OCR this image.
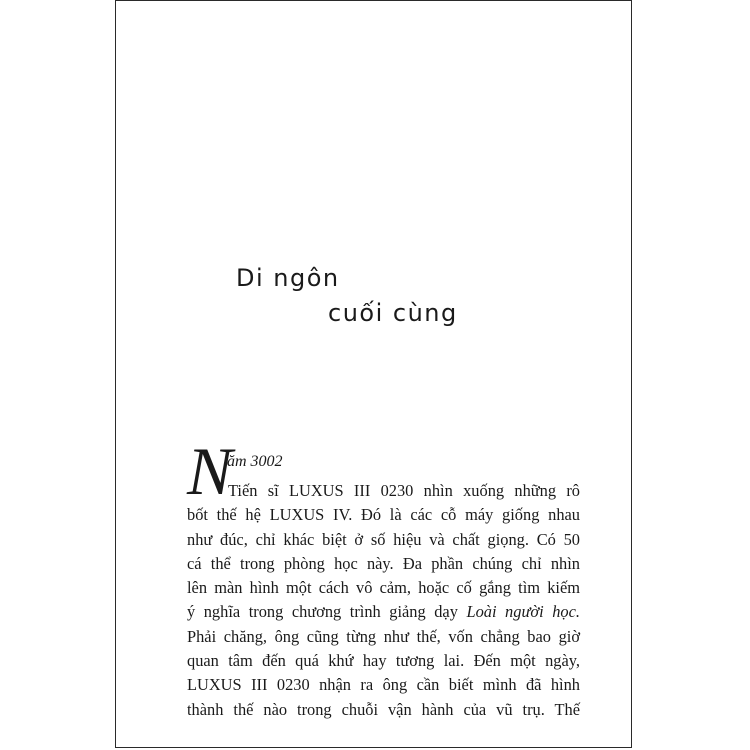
Di ngôn
cuối cùng
N
ăm 3002
Tiến sĩ LUXUS III 0230 nhìn xuống những rô
bốt thế hệ LUXUS IV. Đó là các cỗ máy giống nhau
như đúc, chỉ khác biệt ở số hiệu và chất giọng. Có 50
cá thể trong phòng học này. Đa phần chúng chỉ nhìn
lên màn hình một cách vô cảm, hoặc cố gắng tìm kiếm
ý nghĩa trong chương trình giảng dạy Loài người học.
Phải chăng, ông cũng từng như thế, vốn chẳng bao giờ
quan tâm đến quá khứ hay tương lai. Đến một ngày,
LUXUS III 0230 nhận ra ông cần biết mình đã hình
thành thế nào trong chuỗi vận hành của vũ trụ. Thế
